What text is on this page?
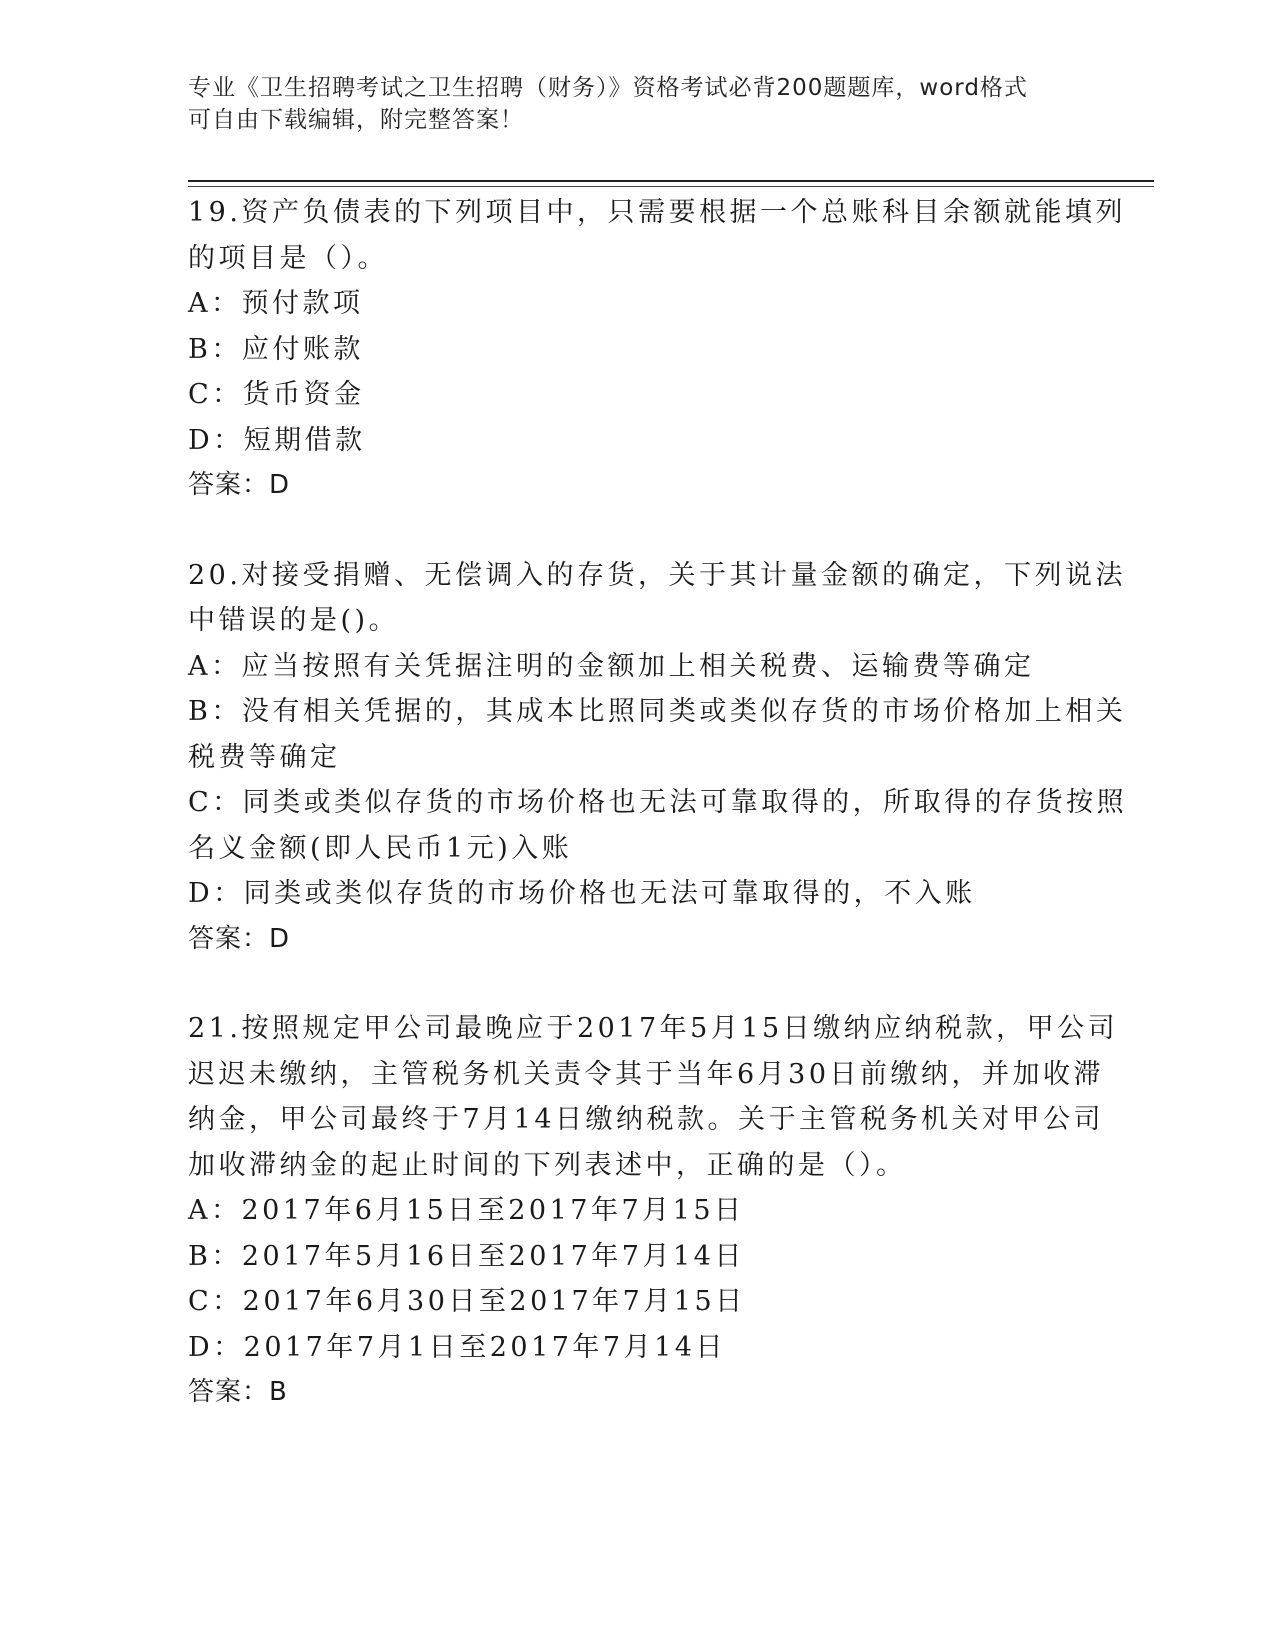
专业《卫生招聘考试之卫生招聘（财务）》资格考试必背200题题库，word格式

可自由下载编辑，附完整答案！

19.资产负债表的下列项目中，只需要根据一个总账科目余额就能填列

的项目是（）。

A：预付款项

B：应付账款

C：货币资金

D：短期借款

答案：D

20.对接受捐赠、无偿调入的存货，关于其计量金额的确定，下列说法

中错误的是()。

A：应当按照有关凭据注明的金额加上相关税费、运输费等确定

B：没有相关凭据的，其成本比照同类或类似存货的市场价格加上相关

税费等确定

C：同类或类似存货的市场价格也无法可靠取得的，所取得的存货按照

名义金额(即人民币1元)入账

D：同类或类似存货的市场价格也无法可靠取得的，不入账

答案：D

21.按照规定甲公司最晚应于2017年5月15日缴纳应纳税款，甲公司

迟迟未缴纳，主管税务机关责令其于当年6月30日前缴纳，并加收滞

纳金，甲公司最终于7月14日缴纳税款。关于主管税务机关对甲公司

加收滞纳金的起止时间的下列表述中，正确的是（）。

A：2017年6月15日至2017年7月15日

B：2017年5月16日至2017年7月14日

C：2017年6月30日至2017年7月15日

D：2017年7月1日至2017年7月14日

答案：B
